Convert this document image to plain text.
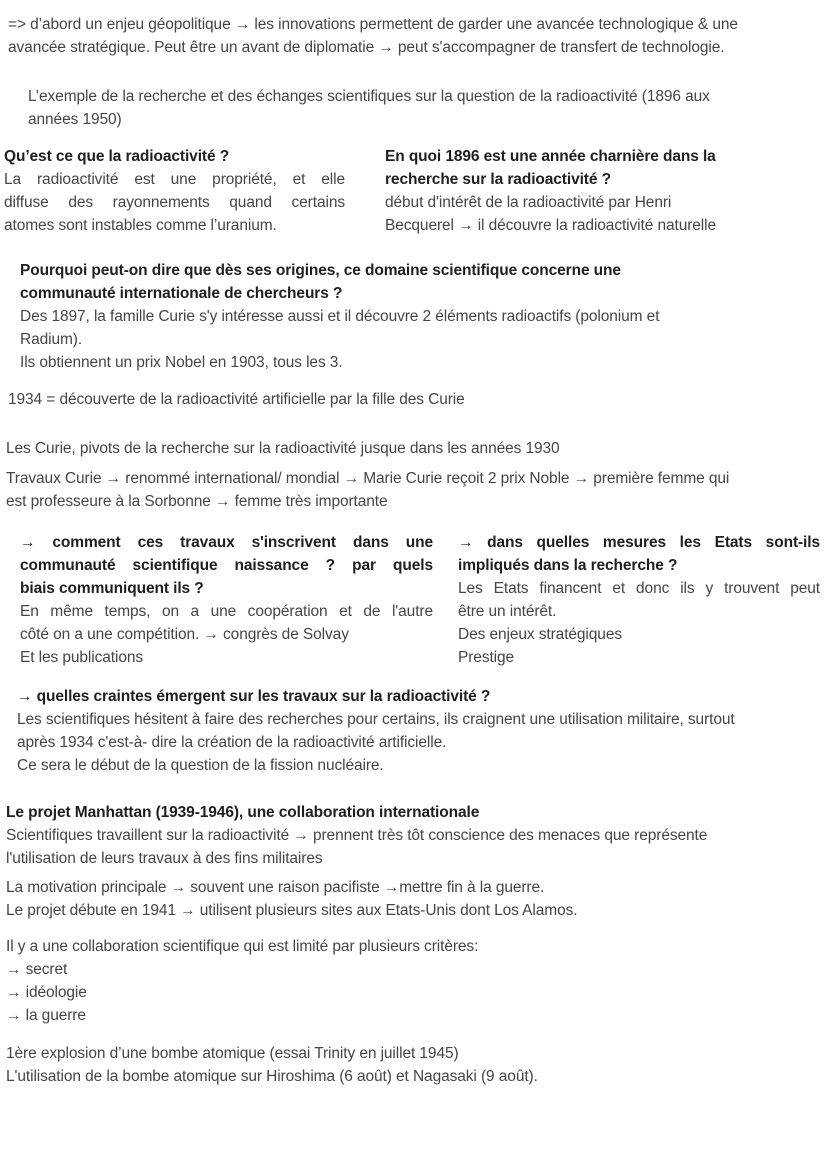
=> d’abord un enjeu géopolitique → les innovations permettent de garder une avancée technologique & une
avancée stratégique. Peut être un avant de diplomatie → peut s'accompagner de transfert de technologie.
L’exemple de la recherche et des échanges scientifiques sur la question de la radioactivité (1896 aux
années 1950)
Qu’est ce que la radioactivité ?
La radioactivité est une propriété, et elle
diffuse des rayonnements quand certains
atomes sont instables comme l’uranium.
En quoi 1896 est une année charnière dans la
recherche sur la radioactivité ?
début d'intérêt de la radioactivité par Henri
Becquerel → il découvre la radioactivité naturelle
Pourquoi peut-on dire que dès ses origines, ce domaine scientifique concerne une
communauté internationale de chercheurs ?
Des 1897, la famille Curie s'y intéresse aussi et il découvre 2 éléments radioactifs (polonium et
Radium).
Ils obtiennent un prix Nobel en 1903, tous les 3.
1934 = découverte de la radioactivité artificielle par la fille des Curie
Les Curie, pivots de la recherche sur la radioactivité jusque dans les années 1930
Travaux Curie → renommé international/ mondial → Marie Curie reçoit 2 prix Noble → première femme qui
est professeure à la Sorbonne → femme très importante
→ comment ces travaux s'inscrivent dans une
communauté scientifique naissance ? par quels
biais communiquent ils ?
En même temps, on a une coopération et de l'autre
côté on a une compétition. → congrès de Solvay
Et les publications
→ dans quelles mesures les Etats sont-ils
impliqués dans la recherche ?
Les Etats financent et donc ils y trouvent peut
être un intérêt.
Des enjeux stratégiques
Prestige
→ quelles craintes émergent sur les travaux sur la radioactivité ?
Les scientifiques hésitent à faire des recherches pour certains, ils craignent une utilisation militaire, surtout
après 1934 c'est-à- dire la création de la radioactivité artificielle.
Ce sera le début de la question de la fission nucléaire.
Le projet Manhattan (1939-1946), une collaboration internationale
Scientifiques travaillent sur la radioactivité → prennent très tôt conscience des menaces que représente
l'utilisation de leurs travaux à des fins militaires
La motivation principale → souvent une raison pacifiste →mettre fin à la guerre.
Le projet débute en 1941 → utilisent plusieurs sites aux Etats-Unis dont Los Alamos.
Il y a une collaboration scientifique qui est limité par plusieurs critères:
→ secret
→ idéologie
→ la guerre
1ère explosion d’une bombe atomique (essai Trinity en juillet 1945)
L'utilisation de la bombe atomique sur Hiroshima (6 août) et Nagasaki (9 août).
